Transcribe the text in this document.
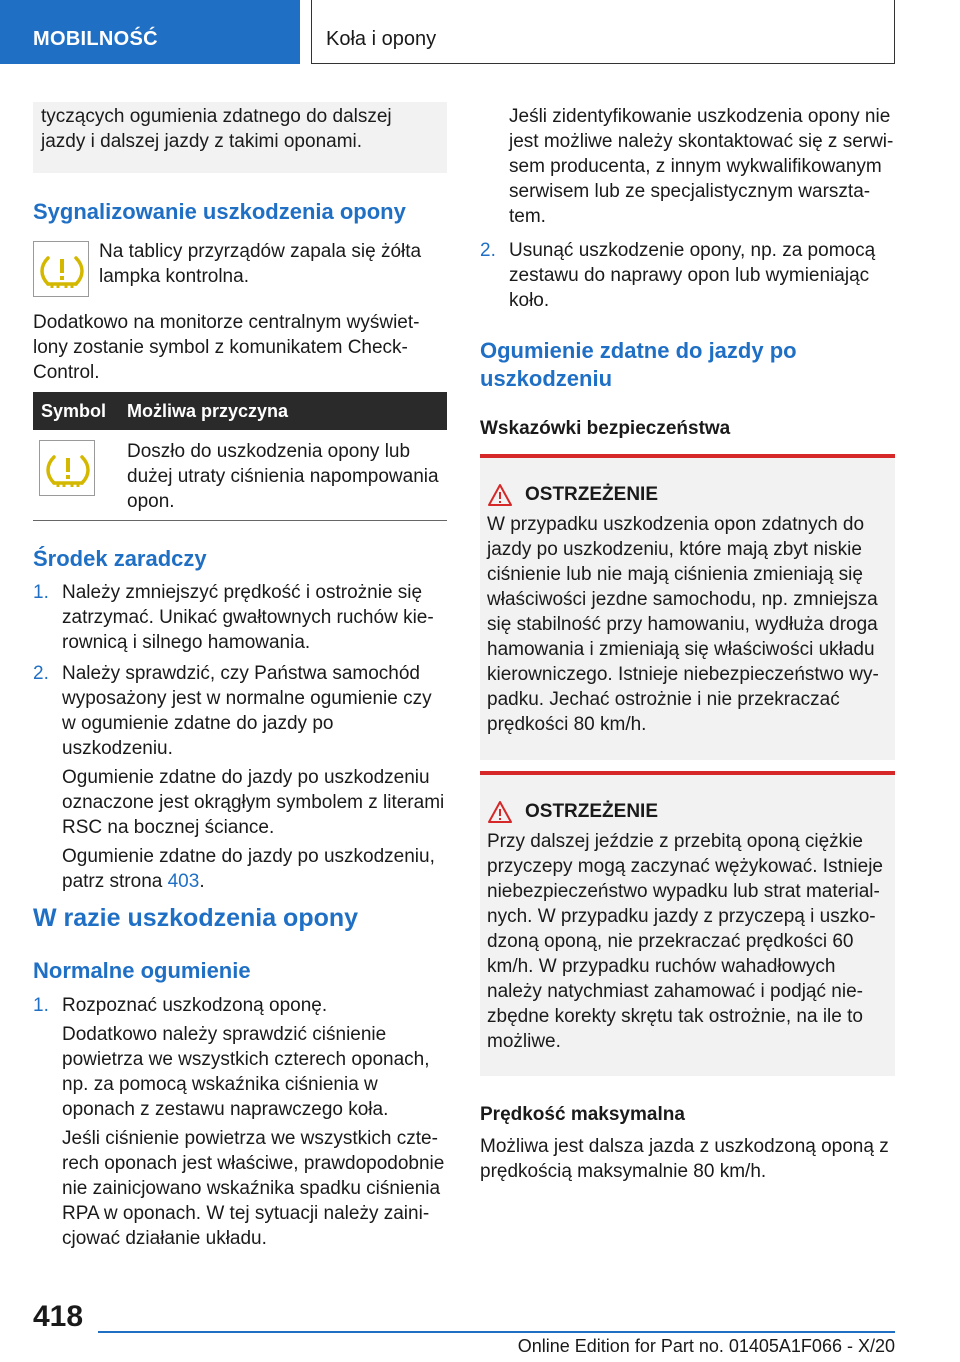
MOBILNOŚĆ	Koła i opony

tyczących ogumienia zdatnego do dalszej jazdy i dalszej jazdy z takimi oponami.

Sygnalizowanie uszkodzenia opony

Na tablicy przyrządów zapala się żółta lampka kontrolna.

Dodatkowo na monitorze centralnym wyświetlony zostanie symbol z komunikatem Check-Control.

Symbol Możliwa przyczyna

Doszło do uszkodzenia opony lub dużej utraty ciśnienia napompowania opon.

Środek zaradczy
1. Należy zmniejszyć prędkość i ostrożnie się zatrzymać. Unikać gwałtownych ruchów kierownicą i silnego hamowania.
2. Należy sprawdzić, czy Państwa samochód wyposażony jest w normalne ogumienie czy w ogumienie zdatne do jazdy po uszkodzeniu.

Ogumienie zdatne do jazdy po uszkodzeniu oznaczone jest okrągłym symbolem z literami RSC na bocznej ściance.

Ogumienie zdatne do jazdy po uszkodzeniu, patrz strona 403.

W razie uszkodzenia opony
Normalne ogumienie
1. Rozpoznać uszkodzoną oponę.

Dodatkowo należy sprawdzić ciśnienie powietrza we wszystkich czterech oponach, np. za pomocą wskaźnika ciśnienia w oponach z zestawu naprawczego koła.

Jeśli ciśnienie powietrza we wszystkich czterech oponach jest właściwe, prawdopodobnie nie zainicjowano wskaźnika spadku ciśnienia RPA w oponach. W tej sytuacji należy zainicjować działanie układu.

Jeśli zidentyfikowanie uszkodzenia opony nie jest możliwe należy skontaktować się z serwisem producenta, z innym wykwalifikowanym serwisem lub ze specjalistycznym warsztatem.

2. Usunąć uszkodzenie opony, np. za pomocą zestawu do naprawy opon lub wymieniając koło.
Ogumienie zdatne do jazdy po uszkodzeniu
Wskazówki bezpieczeństwa
OSTRZEŻENIE

W przypadku uszkodzenia opon zdatnych do jazdy po uszkodzeniu, które mają zbyt niskie ciśnienie lub nie mają ciśnienia zmieniają się właściwości jezdne samochodu, np. zmniejsza się stabilność przy hamowaniu, wydłuża droga hamowania i zmieniają się właściwości układu kierowniczego. Istnieje niebezpieczeństwo wypadku. Jechać ostrożnie i nie przekraczać prędkości 80 km/h.

OSTRZEŻENIE

Przy dalszej jeździe z przebitą oponą ciężkie przyczepy mogą zaczynać wężykować. Istnieje niebezpieczeństwo wypadku lub strat materialnych. W przypadku jazdy z przyczepą i uszkodzoną oponą, nie przekraczać prędkości 60 km/h. W przypadku ruchów wahadłowych należy natychmiast zahamować i podjąć niezbędne korekty skrętu tak ostrożnie, na ile to możliwe.

Prędkość maksymalna

Możliwa jest dalsza jazda z uszkodzoną oponą z prędkością maksymalnie 80 km/h.

418
Online Edition for Part no. 01405A1F066 - X/20
